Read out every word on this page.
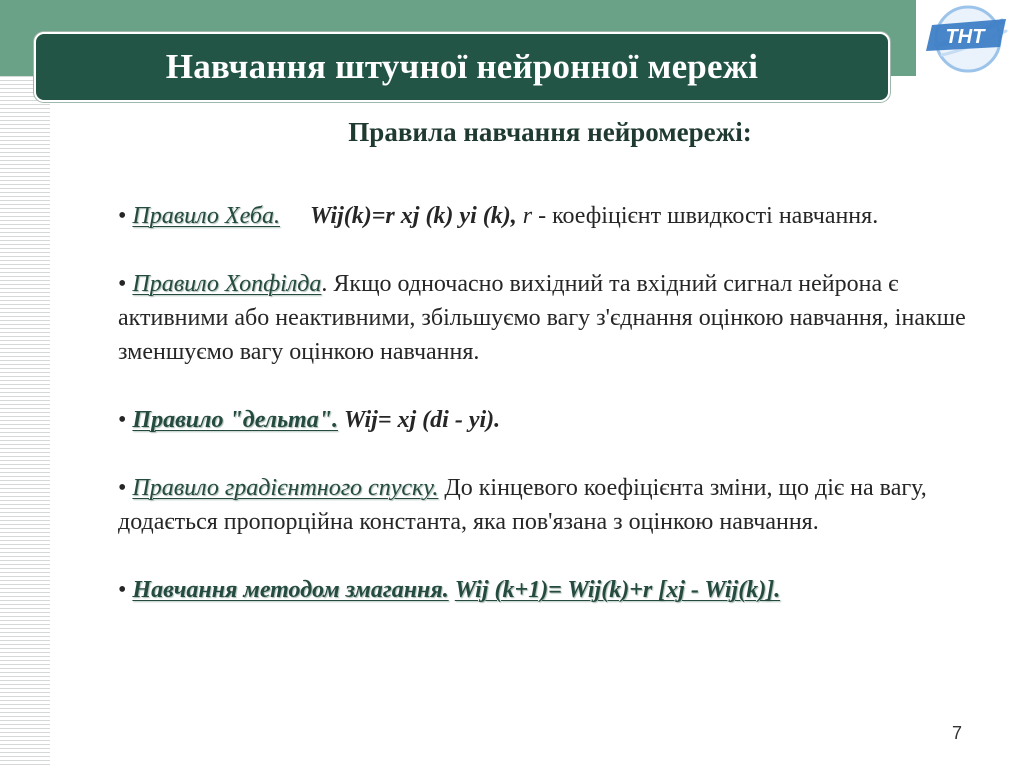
ТНТ
Навчання штучної нейронної мережі
Правила навчання нейромережі:

• Правило Хеба. Wij(k)=r xj (k) yi (k), r - коефіцієнт швидкості навчання.

• Правило Хопфілда. Якщо одночасно вихідний та вхідний сигнал нейрона є активними або неактивними, збільшуємо вагу з'єднання оцінкою навчання, інакше зменшуємо вагу оцінкою навчання.

• Правило "дельта". Wij= xj (di - yi).

• Правило градієнтного спуску. До кінцевого коефіцієнта зміни, що діє на вагу, додається пропорційна константа, яка пов'язана з оцінкою навчання.

• Навчання методом змагання. Wij (k+1)= Wij(k)+r [xj - Wij(k)].

7
